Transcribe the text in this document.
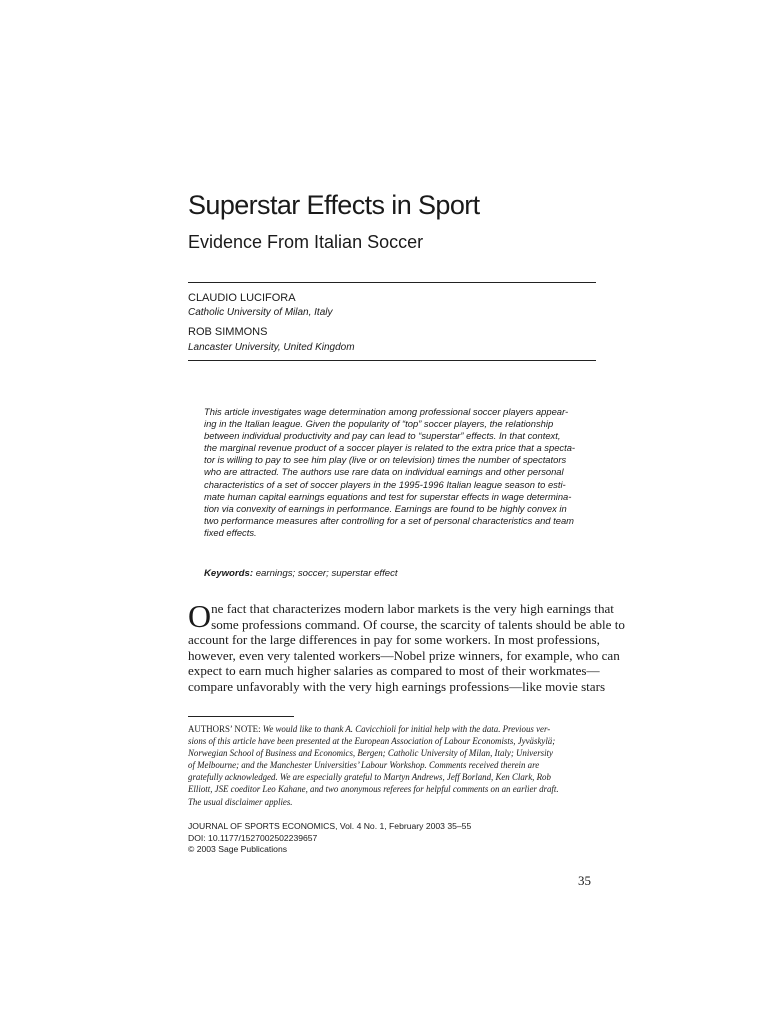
Superstar Effects in Sport
Evidence From Italian Soccer
CLAUDIO LUCIFORA
Catholic University of Milan, Italy
ROB SIMMONS
Lancaster University, United Kingdom
This article investigates wage determination among professional soccer players appear-
ing in the Italian league. Given the popularity of “top” soccer players, the relationship
between individual productivity and pay can lead to “superstar” effects. In that context,
the marginal revenue product of a soccer player is related to the extra price that a specta-
tor is willing to pay to see him play (live or on television) times the number of spectators
who are attracted. The authors use rare data on individual earnings and other personal
characteristics of a set of soccer players in the 1995-1996 Italian league season to esti-
mate human capital earnings equations and test for superstar effects in wage determina-
tion via convexity of earnings in performance. Earnings are found to be highly convex in
two performance measures after controlling for a set of personal characteristics and team
fixed effects.
Keywords: earnings; soccer; superstar effect
O ne fact that characterizes modern labor markets is the very high earnings that
some professions command. Of course, the scarcity of talents should be able to
account for the large differences in pay for some workers. In most professions,
however, even very talented workers—Nobel prize winners, for example, who can
expect to earn much higher salaries as compared to most of their workmates—
compare unfavorably with the very high earnings professions—like movie stars
AUTHORS’ NOTE: We would like to thank A. Cavicchioli for initial help with the data. Previous ver-
sions of this article have been presented at the European Association of Labour Economists, Jyväskylä;
Norwegian School of Business and Economics, Bergen; Catholic University of Milan, Italy; University
of Melbourne; and the Manchester Universities’ Labour Workshop. Comments received therein are
gratefully acknowledged. We are especially grateful to Martyn Andrews, Jeff Borland, Ken Clark, Rob
Elliott, JSE coeditor Leo Kahane, and two anonymous referees for helpful comments on an earlier draft.
The usual disclaimer applies.
JOURNAL OF SPORTS ECONOMICS, Vol. 4 No. 1, February 2003 35–55
DOI: 10.1177/1527002502239657
© 2003 Sage Publications
35
